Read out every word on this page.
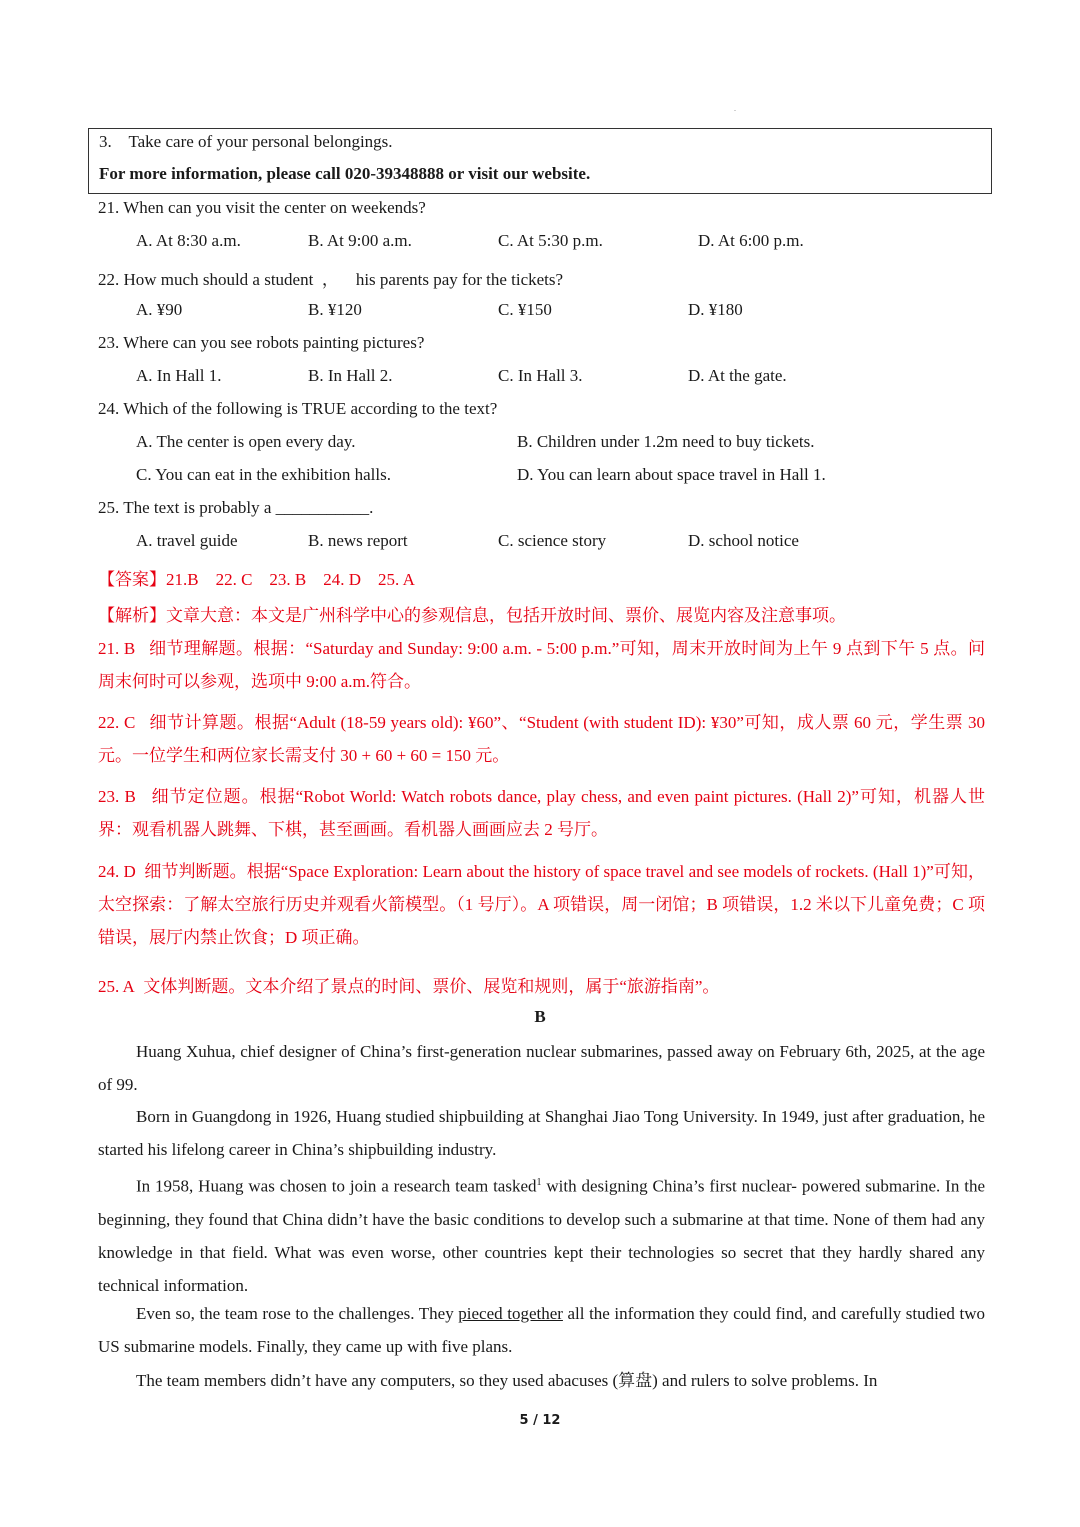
.
3.    Take care of your personal belongings.
For more information, please call 020-39348888 or visit our website.
21. When can you visit the center on weekends?
A. At 8:30 a.m.	B. At 9:00 a.m.	C. At 5:30 p.m.	D. At 6:00 p.m.
22. How much should a student  ，    his parents pay for the tickets?
A. ¥90	B. ¥120	C. ¥150	D. ¥180
23. Where can you see robots painting pictures?
A. In Hall 1.	B. In Hall 2.	C. In Hall 3.	D. At the gate.
24. Which of the following is TRUE according to the text?
A. The center is open every day.	B. Children under 1.2m need to buy tickets.
C. You can eat in the exhibition halls.	D. You can learn about space travel in Hall 1.
25. The text is probably a ___________.
A. travel guide	B. news report	C. science story	D. school notice
【答案】21.B    22. C    23. B    24. D    25. A
【解析】文章大意：本文是广州科学中心的参观信息，包括开放时间、票价、展览内容及注意事项。
21. B   细节理解题。根据：“Saturday and Sunday: 9:00 a.m. - 5:00 p.m.”可知，周末开放时间为上午 9 点到下午 5 点。问周末何时可以参观，选项中 9:00 a.m.符合。
22. C   细节计算题。根据“Adult (18-59 years old): ¥60”、“Student (with student ID): ¥30”可知，成人票 60 元，学生票 30 元。一位学生和两位家长需支付 30 + 60 + 60 = 150 元。
23. B   细节定位题。根据“Robot World: Watch robots dance, play chess, and even paint pictures. (Hall 2)”可知，机器人世界：观看机器人跳舞、下棋，甚至画画。看机器人画画应去 2 号厅。
24. D  细节判断题。根据“Space Exploration: Learn about the history of space travel and see models of rockets. (Hall 1)”可知，太空探索：了解太空旅行历史并观看火箭模型。（1 号厅）。A 项错误，周一闭馆；B 项错误，1.2 米以下儿童免费；C 项错误，展厅内禁止饮食；D 项正确。
25. A  文体判断题。文本介绍了景点的时间、票价、展览和规则，属于“旅游指南”。
B
Huang Xuhua, chief designer of China’s first-generation nuclear submarines, passed away on February 6th, 2025, at the age of 99.
Born in Guangdong in 1926, Huang studied shipbuilding at Shanghai Jiao Tong University. In 1949, just after graduation, he started his lifelong career in China’s shipbuilding industry.
In 1958, Huang was chosen to join a research team tasked$^1$ with designing China’s first nuclear- powered submarine. In the beginning, they found that China didn’t have the basic conditions to develop such a submarine at that time. None of them had any knowledge in that field. What was even worse, other countries kept their technologies so secret that they hardly shared any technical information.
Even so, the team rose to the challenges. They pieced together all the information they could find, and carefully studied two US submarine models. Finally, they came up with five plans.
The team members didn’t have any computers, so they used abacuses (算盘) and rulers to solve problems. In
5 / 12
